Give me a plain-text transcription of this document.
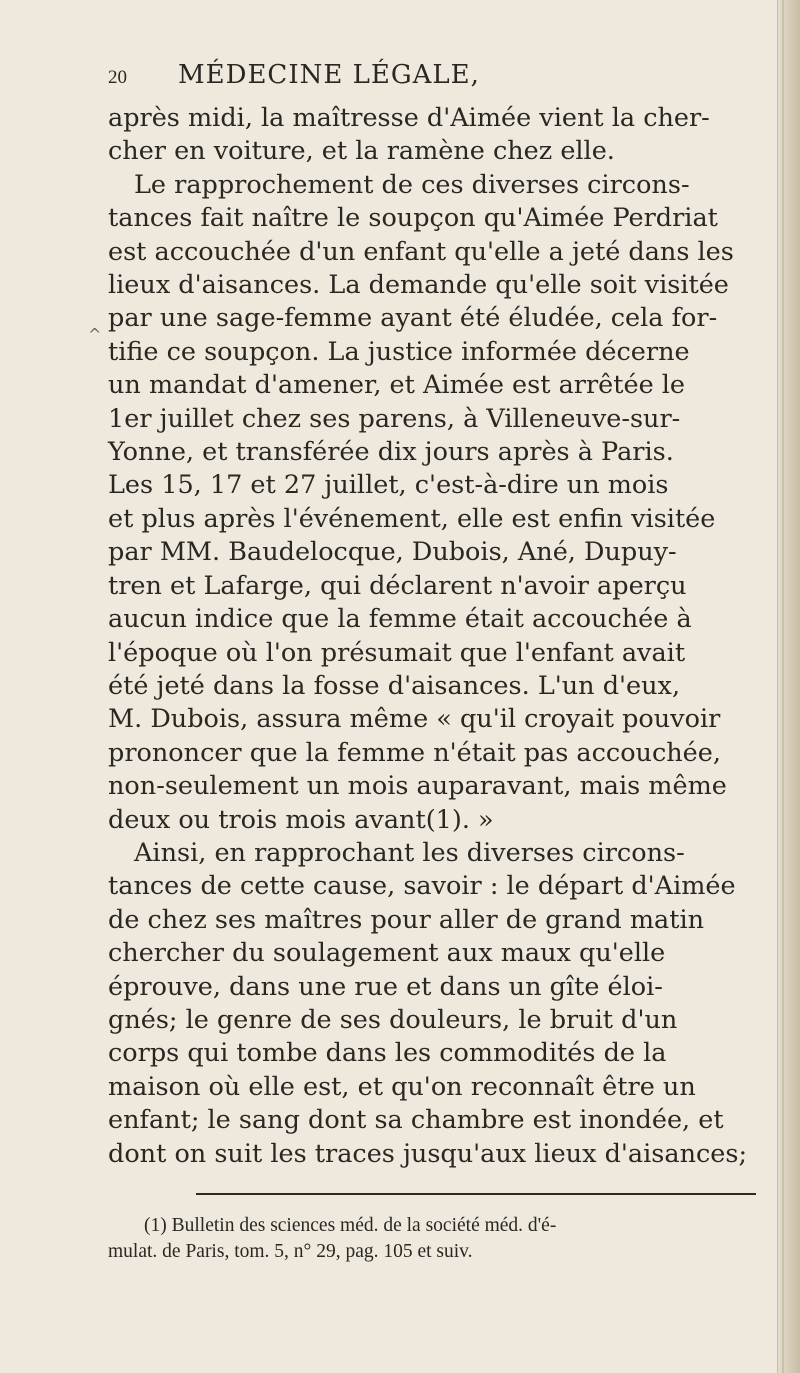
^
20	MÉDECINE LÉGALE,
après midi, la maîtresse d'Aimée vient la cher-
cher en voiture, et la ramène chez elle.
Le rapprochement de ces diverses circons-
tances fait naître le soupçon qu'Aimée Perdriat
est accouchée d'un enfant qu'elle a jeté dans les
lieux d'aisances. La demande qu'elle soit visitée
par une sage-femme ayant été éludée, cela for-
tifie ce soupçon. La justice informée décerne
un mandat d'amener, et Aimée est arrêtée le
1er juillet chez ses parens, à Villeneuve-sur-
Yonne, et transférée dix jours après à Paris.
Les 15, 17 et 27 juillet, c'est-à-dire un mois
et plus après l'événement, elle est enfin visitée
par MM. Baudelocque, Dubois, Ané, Dupuy-
tren et Lafarge, qui déclarent n'avoir aperçu
aucun indice que la femme était accouchée à
l'époque où l'on présumait que l'enfant avait
été jeté dans la fosse d'aisances. L'un d'eux,
M. Dubois, assura même « qu'il croyait pouvoir
prononcer que la femme n'était pas accouchée,
non-seulement un mois auparavant, mais même
deux ou trois mois avant(1). »
Ainsi, en rapprochant les diverses circons-
tances de cette cause, savoir : le départ d'Aimée
de chez ses maîtres pour aller de grand matin
chercher du soulagement aux maux qu'elle
éprouve, dans une rue et dans un gîte éloi-
gnés; le genre de ses douleurs, le bruit d'un
corps qui tombe dans les commodités de la
maison où elle est, et qu'on reconnaît être un
enfant; le sang dont sa chambre est inondée, et
dont on suit les traces jusqu'aux lieux d'aisances;
(1) Bulletin des sciences méd. de la société méd. d'é-
mulat. de Paris, tom. 5, n° 29, pag. 105 et suiv.
